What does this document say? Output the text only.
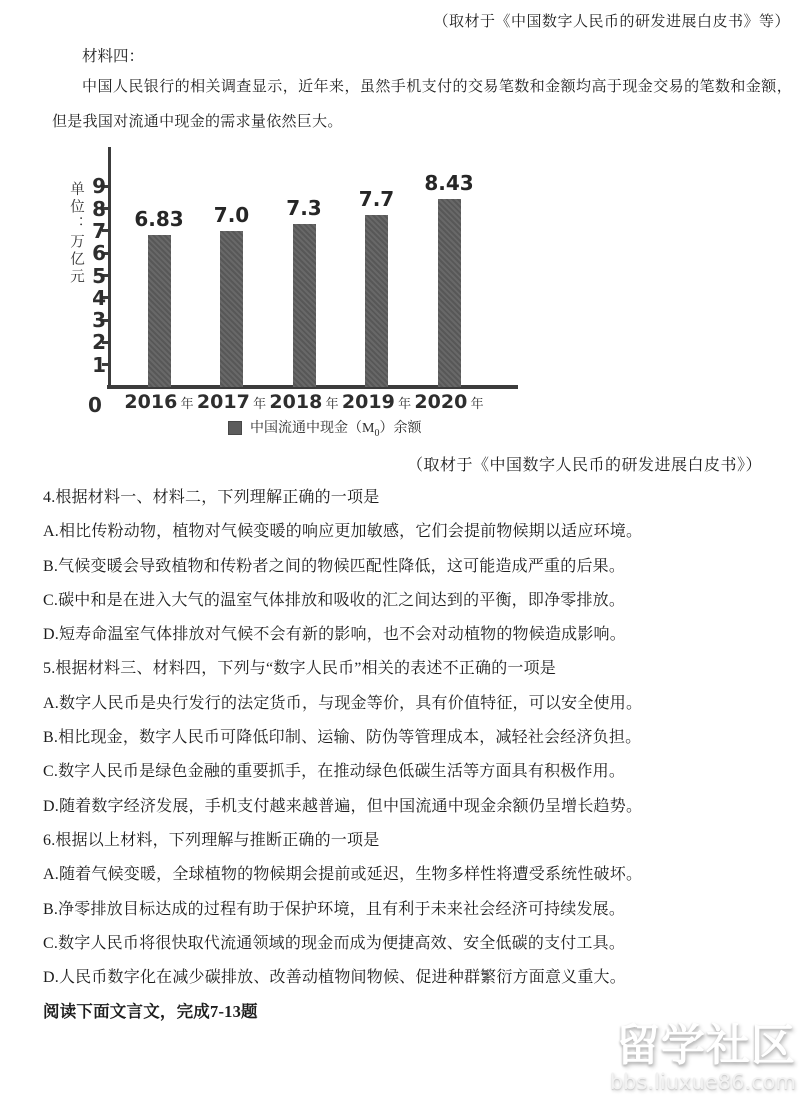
（取材于《中国数字人民币的研发进展白皮书》等）
材料四：
中国人民银行的相关调查显示，近年来，虽然手机支付的交易笔数和金额均高于现金交易的笔数和金额，但是我国对流通中现金的需求量依然巨大。
单位：万亿元
0
中国流通中现金$(M_0)$余额
1
2
3
4
5
6
7
8
9
6.83
2016 年
7.0
2017 年
7.3
2018 年
7.7
2019 年
8.43
2020 年
（取材于《中国数字人民币的研发进展白皮书》）

4.根据材料一、材料二，下列理解正确的一项是

A.相比传粉动物，植物对气候变暖的响应更加敏感，它们会提前物候期以适应环境。

B.气候变暖会导致植物和传粉者之间的物候匹配性降低，这可能造成严重的后果。

C.碳中和是在进入大气的温室气体排放和吸收的汇之间达到的平衡，即净零排放。

D.短寿命温室气体排放对气候不会有新的影响，也不会对动植物的物候造成影响。

5.根据材料三、材料四，下列与“数字人民币”相关的表述不正确的一项是

A.数字人民币是央行发行的法定货币，与现金等价，具有价值特征，可以安全使用。

B.相比现金，数字人民币可降低印制、运输、防伪等管理成本，减轻社会经济负担。

C.数字人民币是绿色金融的重要抓手，在推动绿色低碳生活等方面具有积极作用。

D.随着数字经济发展，手机支付越来越普遍，但中国流通中现金余额仍呈增长趋势。

6.根据以上材料，下列理解与推断正确的一项是

A.随着气候变暖，全球植物的物候期会提前或延迟，生物多样性将遭受系统性破坏。

B.净零排放目标达成的过程有助于保护环境，且有利于未来社会经济可持续发展。

C.数字人民币将很快取代流通领域的现金而成为便捷高效、安全低碳的支付工具。

D.人民币数字化在减少碳排放、改善动植物间物候、促进种群繁衍方面意义重大。

阅读下面文言文，完成7-13题

留学社区
bbs.liuxue86.com
